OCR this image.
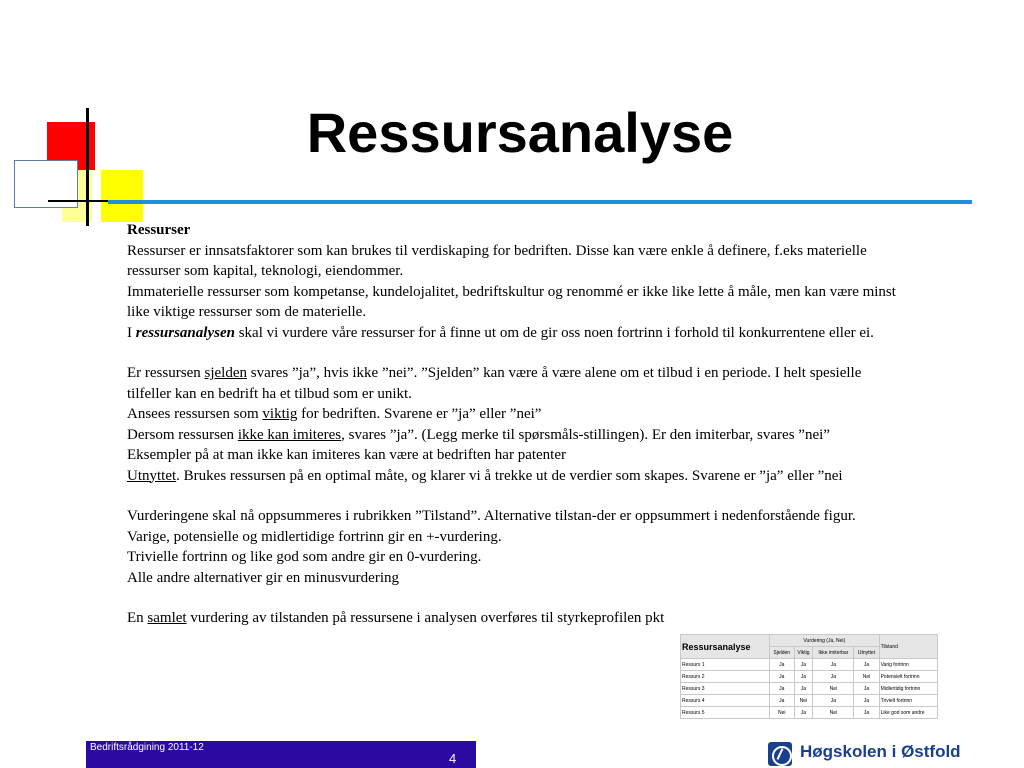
Ressursanalyse

Ressurser

Ressurser er innsatsfaktorer som kan brukes til verdiskaping for bedriften. Disse kan være enkle å definere, f.eks materielle

ressurser som kapital, teknologi, eiendommer.

Immaterielle ressurser som kompetanse, kundelojalitet, bedriftskultur og renommé er ikke like lette å måle, men kan være minst

like viktige ressurser som de materielle.

I ressursanalysen skal vi vurdere våre ressurser for å finne ut om de gir oss noen fortrinn i forhold til konkurrentene eller ei.

Er ressursen sjelden svares ”ja”, hvis ikke ”nei”. ”Sjelden” kan være å være alene om et tilbud i en periode. I helt spesielle

tilfeller kan en bedrift ha et tilbud som er unikt.

Ansees ressursen som viktig for bedriften. Svarene er ”ja” eller ”nei”

Dersom ressursen ikke kan imiteres, svares ”ja”. (Legg merke til spørsmåls-stillingen). Er den imiterbar, svares ”nei”

Eksempler på at man ikke kan imiteres kan være at bedriften har patenter

Utnyttet. Brukes ressursen på en optimal måte, og klarer vi å trekke ut de verdier som skapes. Svarene er ”ja” eller ”nei

Vurderingene skal nå oppsummeres i rubrikken ”Tilstand”. Alternative tilstan-der er oppsummert i nedenforstående figur.

Varige, potensielle og midlertidige fortrinn gir en +-vurdering.

Trivielle fortrinn og like god som andre gir en 0-vurdering.

Alle andre alternativer gir en minusvurdering

En samlet vurdering av tilstanden på ressursene i analysen overføres til styrkeprofilen pkt

Ressursanalyse	Vurdering (Ja, Nei)				Tilstand
	Sjelden	Viktig	Ikke imiterbar	Utnyttet	
Ressurs 1	Ja	Ja	Ja	Ja	Varig fortrinn
Ressurs 2	Ja	Ja	Ja	Nei	Potensielt fortrinn
Ressurs 3	Ja	Ja	Nei	Ja	Midlertidig fortrinn
Ressurs 4	Ja	Nei	Ja	Ja	Trivielt fortrinn
Ressurs 5	Nei	Ja	Nei	Ja	Like god som andre
Bedriftsrådgining 2011-12
4	Høgskolen i Østfold
